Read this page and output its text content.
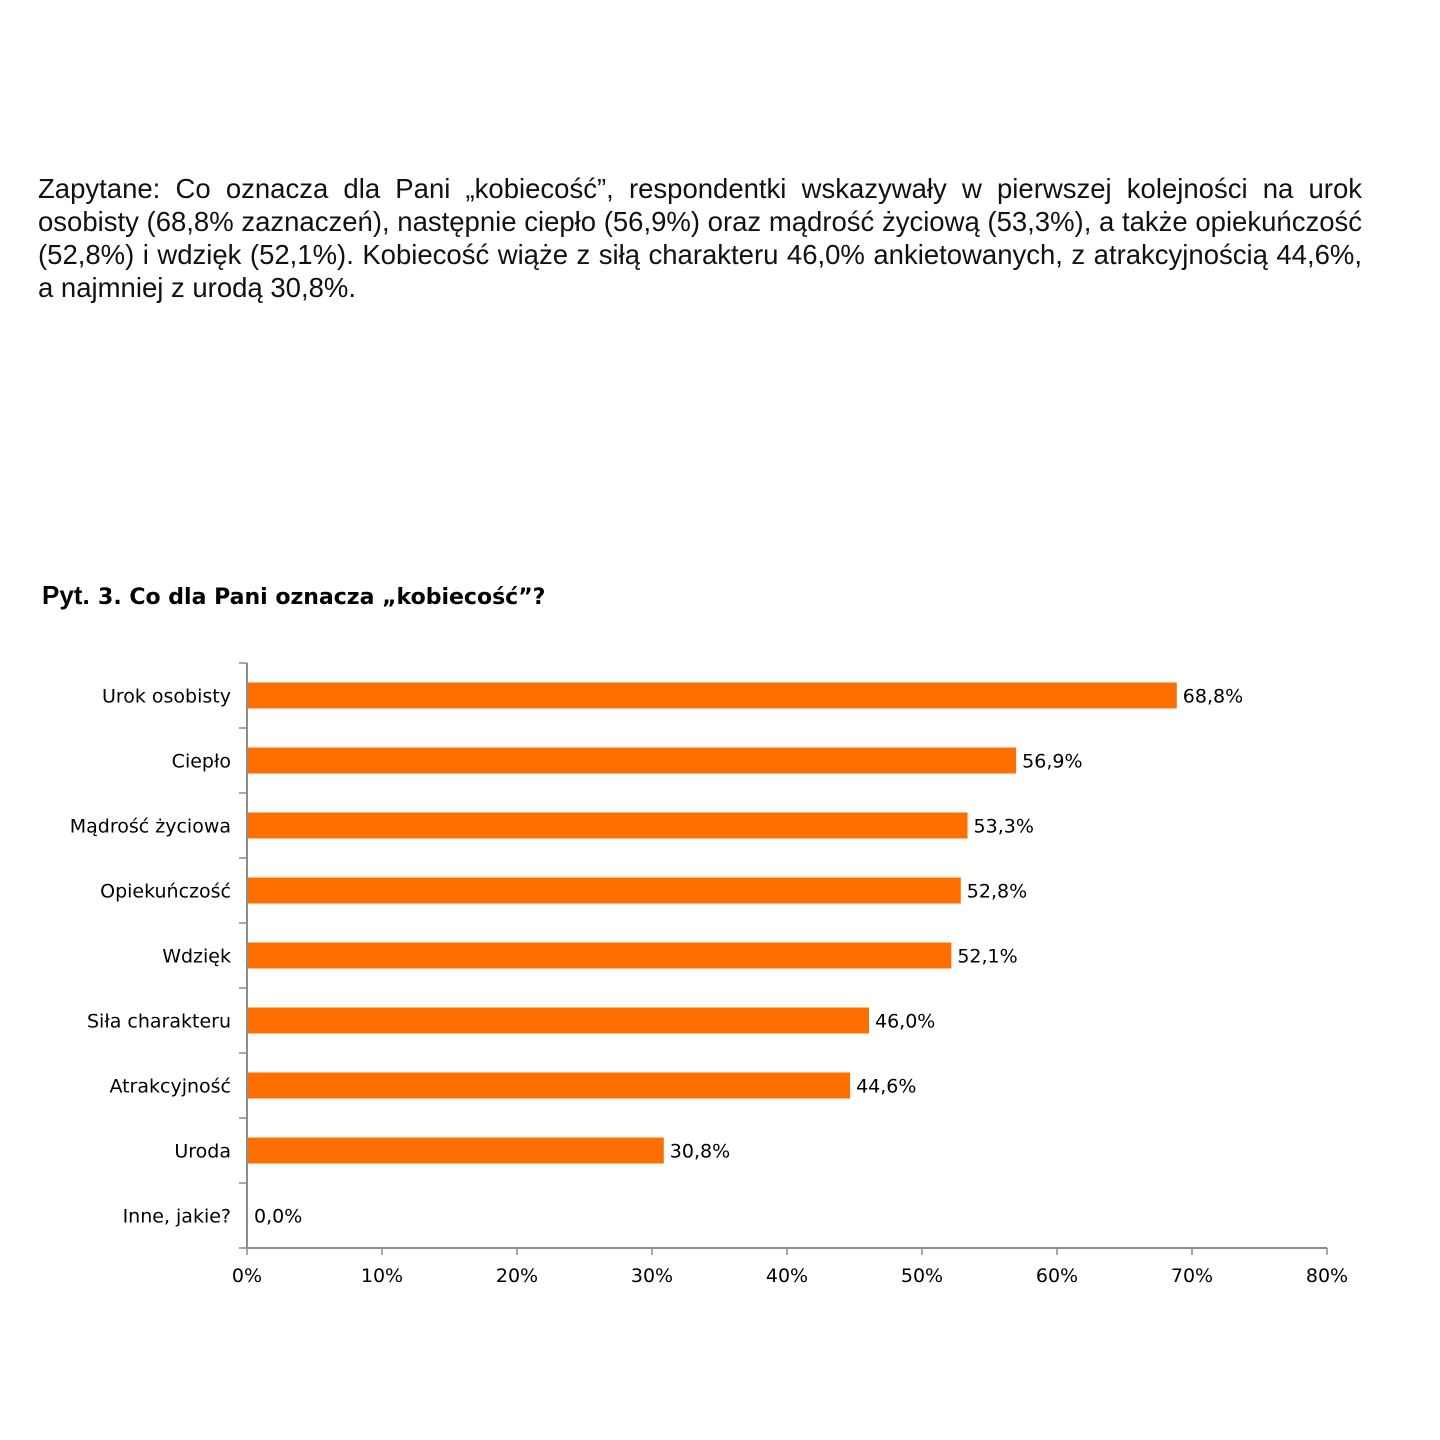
Zapytane: Co oznacza dla Pani „kobiecość”, respondentki wskazywały w pierwszej kolejności na urok osobisty (68,8% zaznaczeń), następnie ciepło (56,9%) oraz mądrość życiową (53,3%), a także opiekuńczość (52,8%) i wdzięk (52,1%). Kobiecość wiąże z siłą charakteru 46,0% ankietowanych, z atrakcyjnością 44,6%, a najmniej z urodą 30,8%.

Pyt. 3. Co dla Pani oznacza „kobiecość”?
0%	10%	20%	30%	40%	50%	60%	70%	80%
Urok osobisty	68,8%
Ciepło	56,9%
Mądrość życiowa	53,3%
Opiekuńczość	52,8%
Wdzięk	52,1%
Siła charakteru	46,0%
Atrakcyjność	44,6%
Uroda	30,8%
Inne, jakie? 0,0%
